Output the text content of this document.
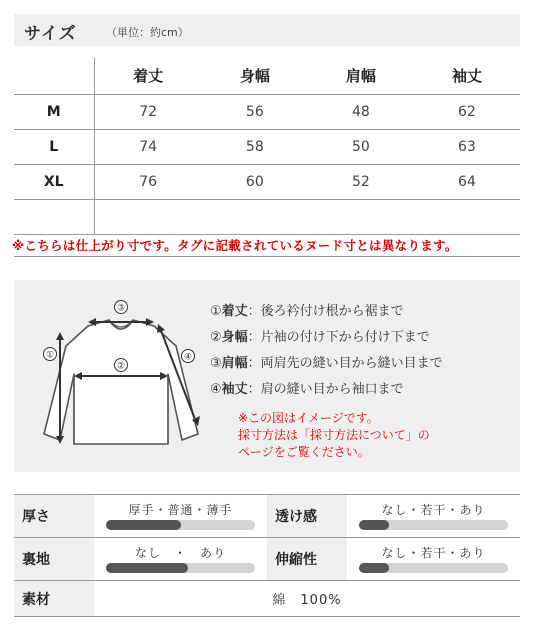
サイズ	（単位：約cm）
	着丈	身幅	肩幅	袖丈
M	72	56	48	62
L	74	58	50	63
XL	76	60	52	64

※こちらは仕上がり寸です。タグに記載されているヌード寸とは異なります。
③
①
②
④
①着丈：後ろ衿付け根から裾まで
②身幅：片袖の付け下から付け下まで
③肩幅：両肩先の縫い目から縫い目まで
④袖丈：肩の縫い目から袖口まで
※この図はイメージです。
採寸方法は「採寸方法について」の
ページをご覧ください。
厚さ	厚手・普通・薄手	透け感	なし・若干・あり
裏地	なし　・　あり	伸縮性	なし・若干・あり
素材	綿　100%
